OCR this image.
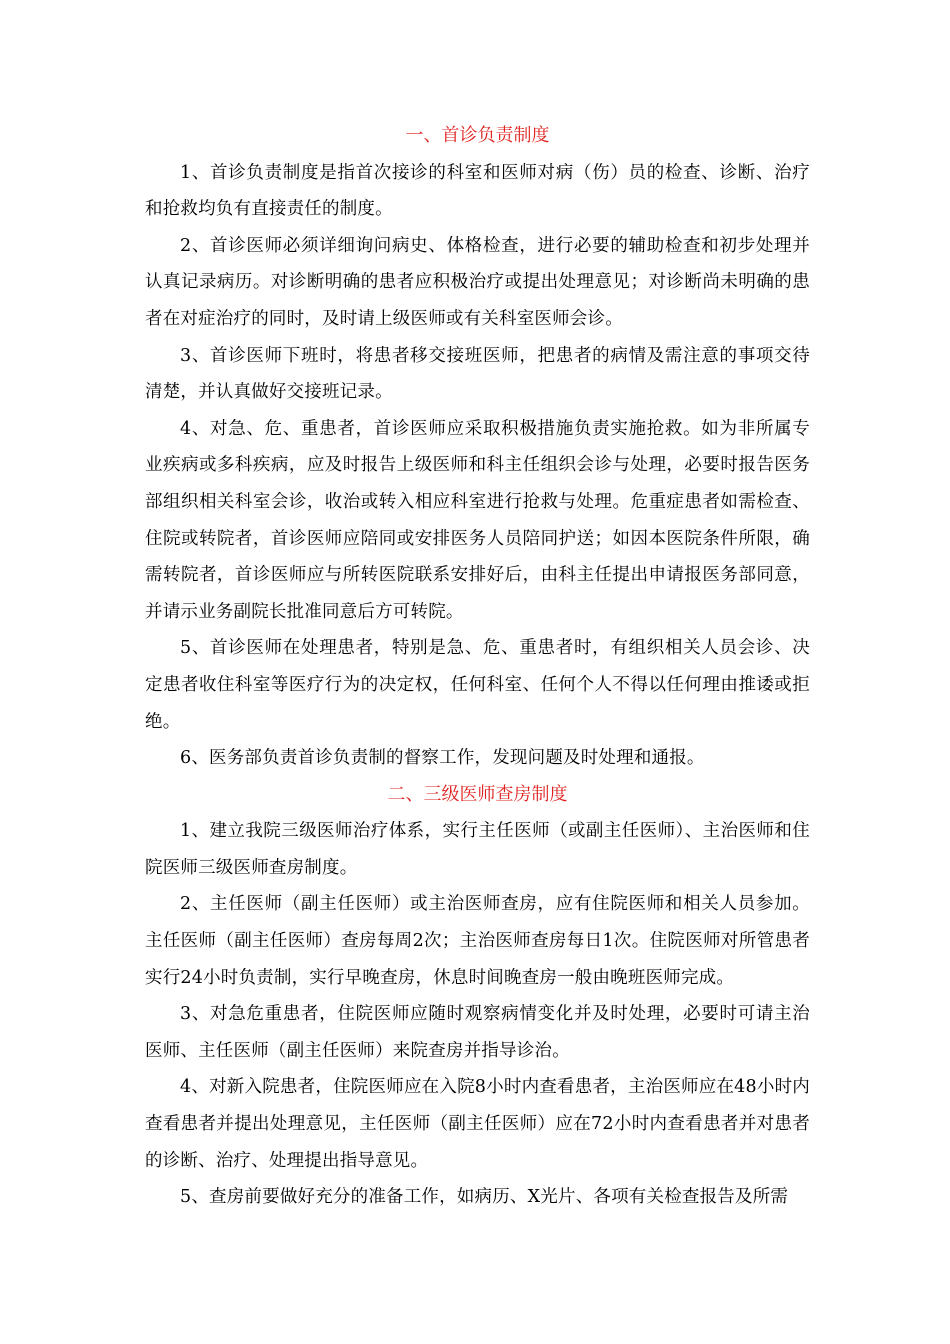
一、首诊负责制度

1、首诊负责制度是指首次接诊的科室和医师对病（伤）员的检查、诊断、治疗和抢救均负有直接责任的制度。

2、首诊医师必须详细询问病史、体格检查，进行必要的辅助检查和初步处理并认真记录病历。对诊断明确的患者应积极治疗或提出处理意见；对诊断尚未明确的患者在对症治疗的同时，及时请上级医师或有关科室医师会诊。

3、首诊医师下班时，将患者移交接班医师，把患者的病情及需注意的事项交待清楚，并认真做好交接班记录。

4、对急、危、重患者，首诊医师应采取积极措施负责实施抢救。如为非所属专业疾病或多科疾病，应及时报告上级医师和科主任组织会诊与处理，必要时报告医务部组织相关科室会诊，收治或转入相应科室进行抢救与处理。危重症患者如需检查、住院或转院者，首诊医师应陪同或安排医务人员陪同护送；如因本医院条件所限，确需转院者，首诊医师应与所转医院联系安排好后，由科主任提出申请报医务部同意，并请示业务副院长批准同意后方可转院。

5、首诊医师在处理患者，特别是急、危、重患者时，有组织相关人员会诊、决定患者收住科室等医疗行为的决定权，任何科室、任何个人不得以任何理由推诿或拒绝。

6、医务部负责首诊负责制的督察工作，发现问题及时处理和通报。

二、三级医师查房制度

1、建立我院三级医师治疗体系，实行主任医师（或副主任医师）、主治医师和住院医师三级医师查房制度。

2、主任医师（副主任医师）或主治医师查房，应有住院医师和相关人员参加。主任医师（副主任医师）查房每周2次；主治医师查房每日1次。住院医师对所管患者实行24小时负责制，实行早晚查房，休息时间晚查房一般由晚班医师完成。

3、对急危重患者，住院医师应随时观察病情变化并及时处理，必要时可请主治医师、主任医师（副主任医师）来院查房并指导诊治。

4、对新入院患者，住院医师应在入院8小时内查看患者，主治医师应在48小时内查看患者并提出处理意见，主任医师（副主任医师）应在72小时内查看患者并对患者的诊断、治疗、处理提出指导意见。

5、查房前要做好充分的准备工作，如病历、X光片、各项有关检查报告及所需
